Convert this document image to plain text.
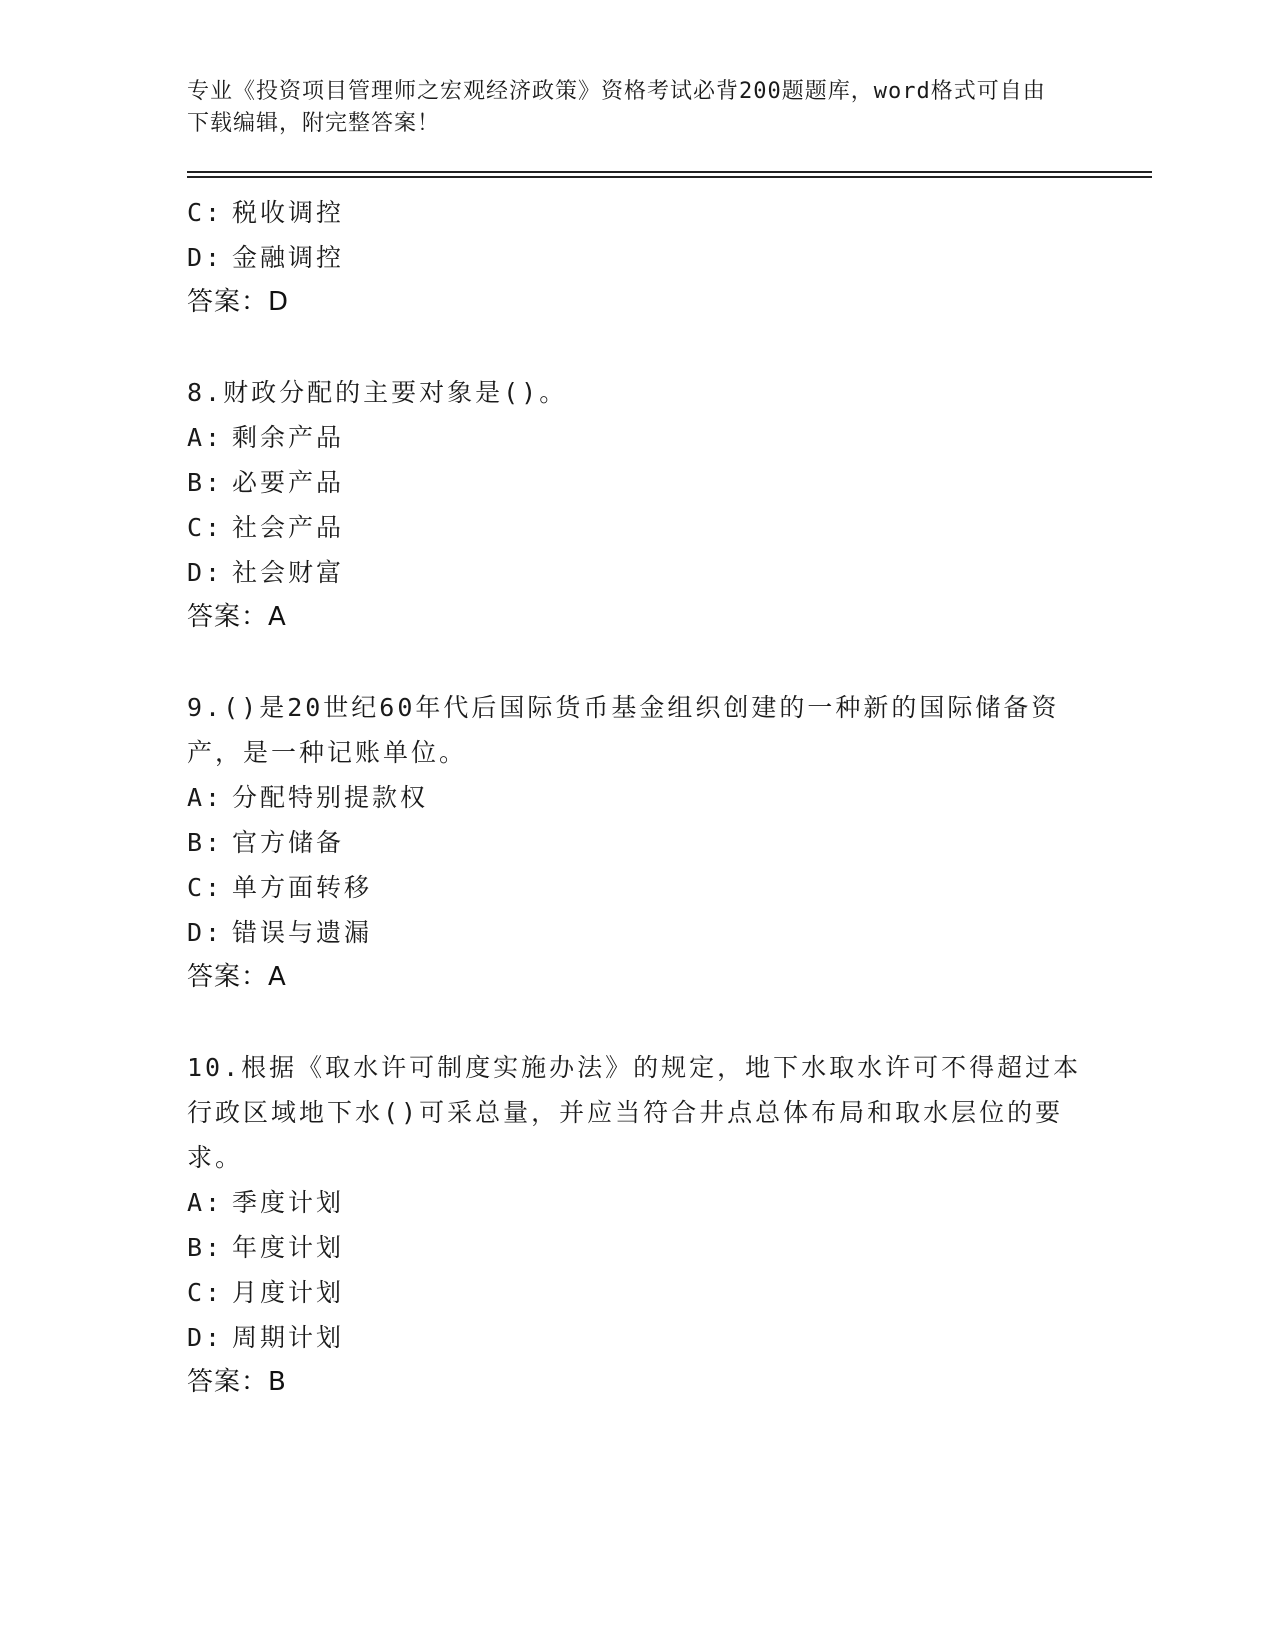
专业《投资项目管理师之宏观经济政策》资格考试必背200题题库，word格式可自由下载编辑，附完整答案！
C: 税收调控
D: 金融调控
答案：D
8.财政分配的主要对象是()。
A: 剩余产品
B: 必要产品
C: 社会产品
D: 社会财富
答案：A
9.()是20世纪60年代后国际货币基金组织创建的一种新的国际储备资产，是一种记账单位。
A: 分配特别提款权
B: 官方储备
C: 单方面转移
D: 错误与遗漏
答案：A
10.根据《取水许可制度实施办法》的规定，地下水取水许可不得超过本行政区域地下水()可采总量，并应当符合井点总体布局和取水层位的要求。
A: 季度计划
B: 年度计划
C: 月度计划
D: 周期计划
答案：B
